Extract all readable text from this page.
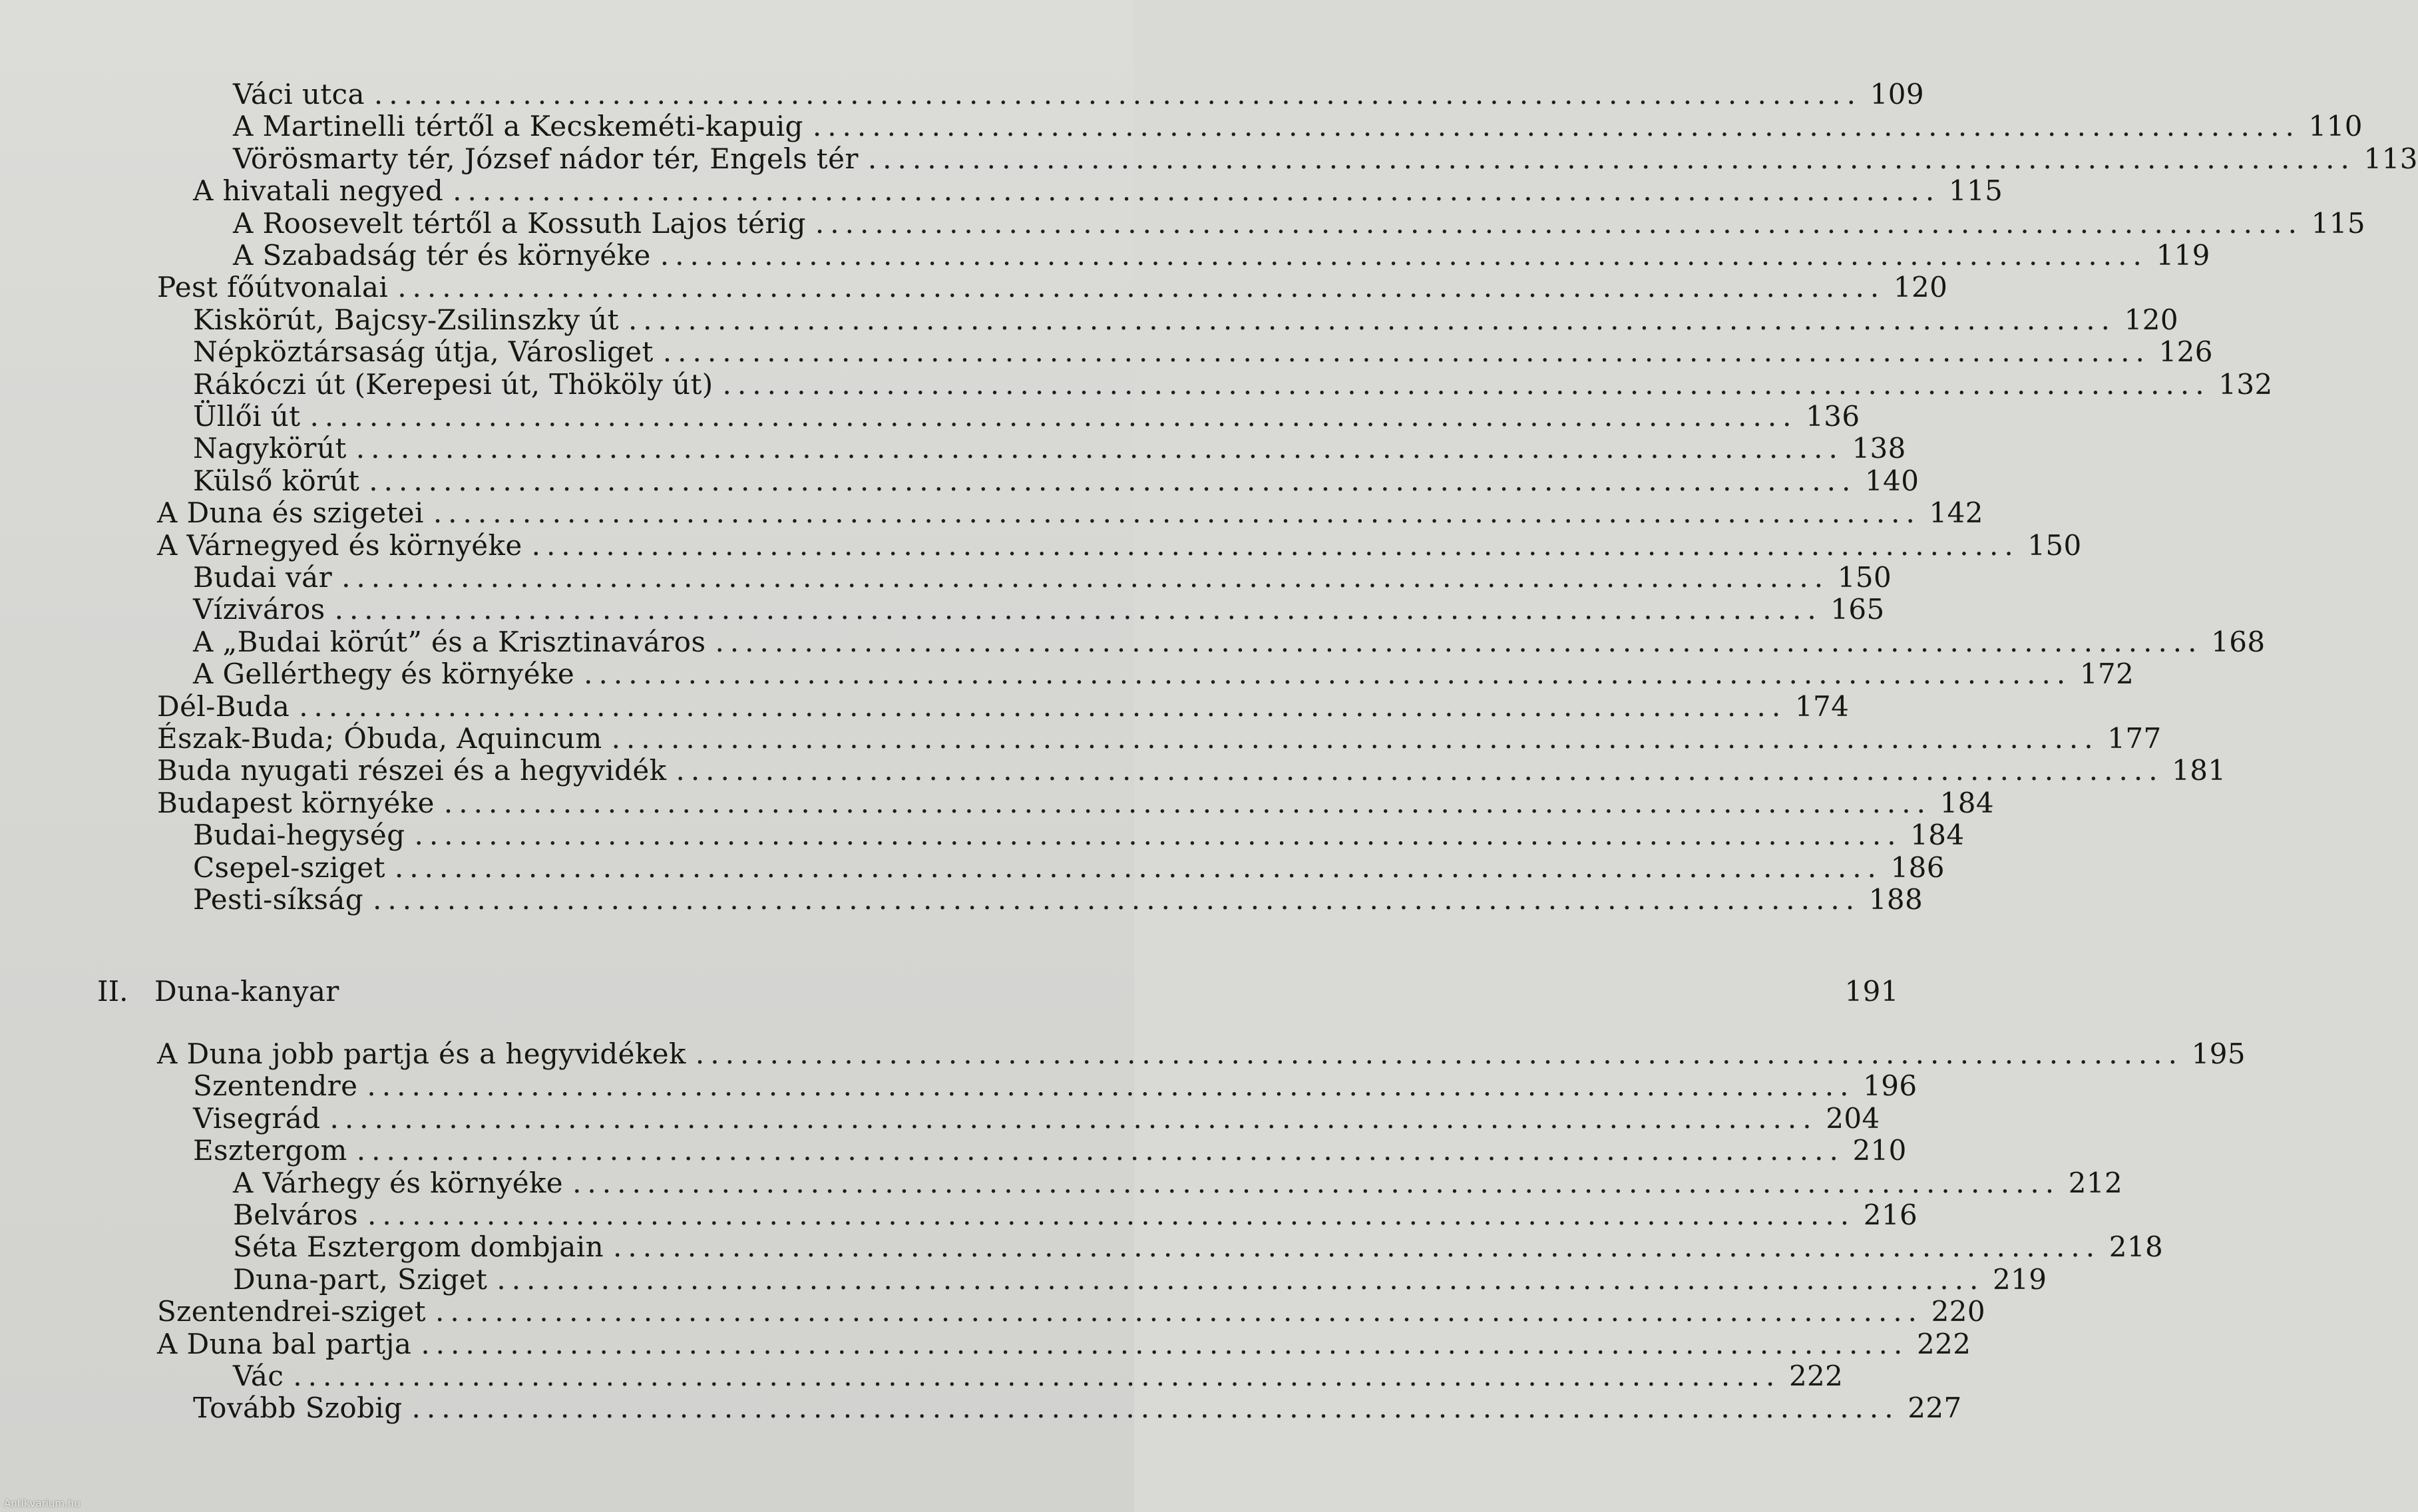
II. Duna-kanyar	191
Váci utca .................................................................................................... 109
A Martinelli tértől a Kecskeméti-kapuig .................................................................................................... 110
Vörösmarty tér, József nádor tér, Engels tér .................................................................................................... 113
A hivatali negyed .................................................................................................... 115
A Roosevelt tértől a Kossuth Lajos térig .................................................................................................... 115
A Szabadság tér és környéke .................................................................................................... 119
Pest főútvonalai .................................................................................................... 120
Kiskörút, Bajcsy-Zsilinszky út .................................................................................................... 120
Népköztársaság útja, Városliget .................................................................................................... 126
Rákóczi út (Kerepesi út, Thököly út) .................................................................................................... 132
Üllői út .................................................................................................... 136
Nagykörút .................................................................................................... 138
Külső körút .................................................................................................... 140
A Duna és szigetei .................................................................................................... 142
A Várnegyed és környéke .................................................................................................... 150
Budai vár .................................................................................................... 150
Víziváros .................................................................................................... 165
A „Budai körút” és a Krisztinaváros .................................................................................................... 168
A Gellérthegy és környéke .................................................................................................... 172
Dél-Buda .................................................................................................... 174
Észak-Buda; Óbuda, Aquincum .................................................................................................... 177
Buda nyugati részei és a hegyvidék .................................................................................................... 181
Budapest környéke .................................................................................................... 184
Budai-hegység .................................................................................................... 184
Csepel-sziget .................................................................................................... 186
Pesti-síkság .................................................................................................... 188
A Duna jobb partja és a hegyvidékek .................................................................................................... 195
Szentendre .................................................................................................... 196
Visegrád .................................................................................................... 204
Esztergom .................................................................................................... 210
A Várhegy és környéke .................................................................................................... 212
Belváros .................................................................................................... 216
Séta Esztergom dombjain .................................................................................................... 218
Duna-part, Sziget .................................................................................................... 219
Szentendrei-sziget .................................................................................................... 220
A Duna bal partja .................................................................................................... 222
Vác .................................................................................................... 222
Tovább Szobig .................................................................................................... 227
Antikvarium.hu
